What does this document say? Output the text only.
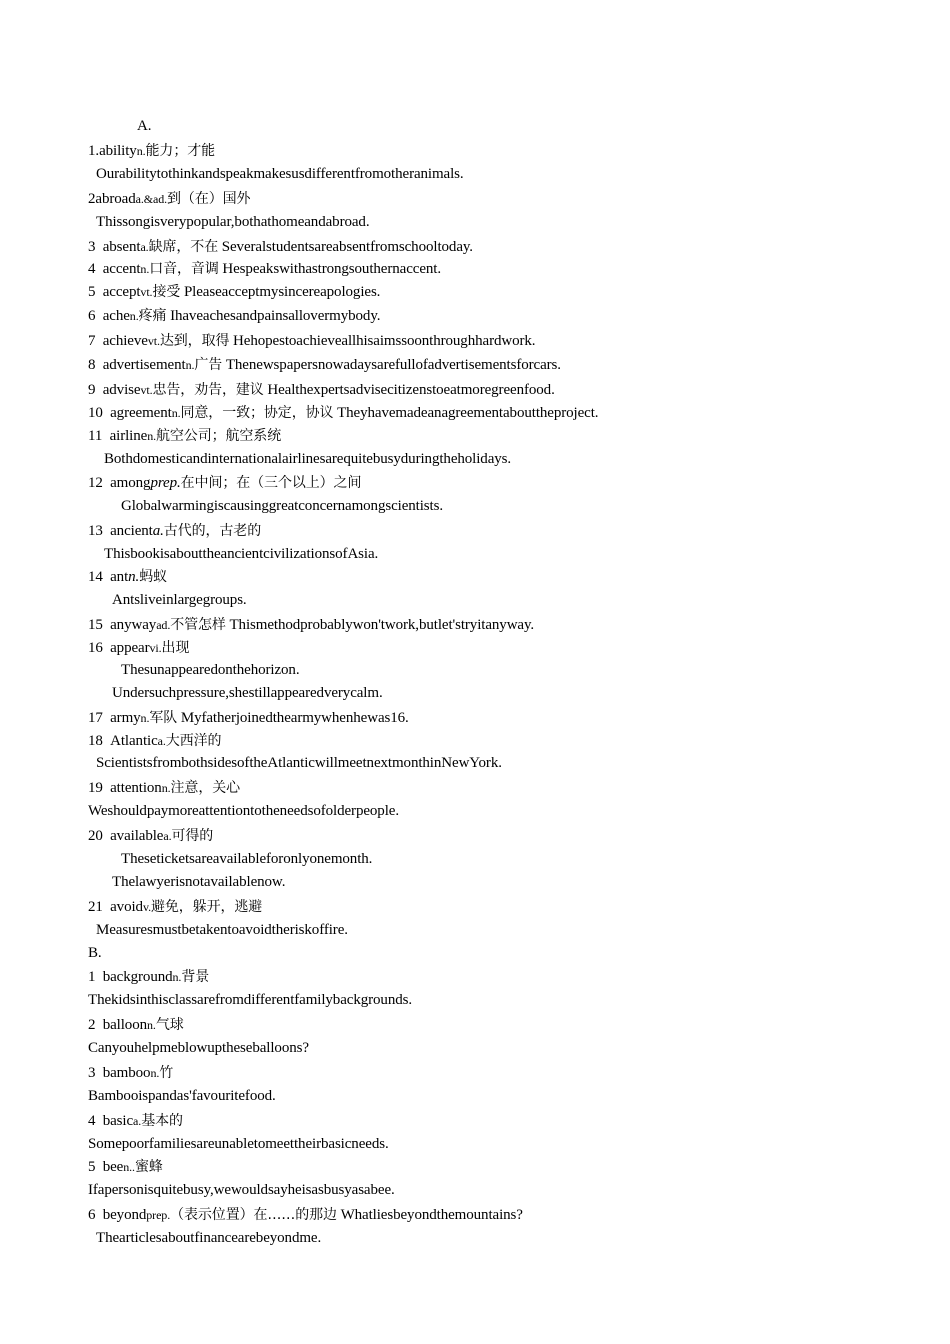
A.
1.abilityn.能力；才能
Ourabilitytothinkandspeakmakesusdifferentfromotheranimals.
2abroada.&ad.到（在）国外
Thissongisverypopular,bothathomeandabroad.
3 absenta.缺席，不在 Severalstudentsareabsentfromschooltoday.
4 accentn.口音，音调 Hespeakswithastrongsouthernaccent.
5 acceptvt.接受 Pleaseacceptmysincereapologies.
6 achen.疼痛 Ihaveachesandpainsallovermybody.
7 achievevt.达到，取得 Hehopestoachieveallhisaimssoonthroughhardwork.
8 advertisementn.广告 Thenewspapersnowadaysarefullofadvertisementsforcars.
9 advisevt.忠告，劝告，建议 Healthexpertsadvisecitizenstoeatmoregreenfood.
10 agreementn.同意，一致；协定，协议 Theyhavemadeanagreementabouttheproject.
11 airlinen.航空公司；航空系统
Bothdomesticandinternationalairlinesarequitebusyduringtheholidays.
12 amongprep.在中间；在（三个以上）之间
Globalwarmingiscausinggreatconcernamongscientists.
13 ancienta.古代的，古老的
ThisbookisabouttheancientcivilizationsofAsia.
14 antn.蚂蚁
Antsliveinlargegroups.
15 anywayad.不管怎样 Thismethodprobablywon'twork,butlet'stryitanyway.
16 appearvi.出现
Thesunappearedonthehorizon.
Undersuchpressure,shestillappearedverycalm.
17 armyn.军队 Myfatherjoinedthearmywhenhewas16.
18 Atlantica.大西洋的
ScientistsfrombothsidesoftheAtlanticwillmeetnextmonthinNewYork.
19 attentionn.注意，关心
Weshouldpaymoreattentiontotheneedsofolderpeople.
20 availablea.可得的
Theseticketsareavailableforonlyonemonth.
Thelawyerisnotavailablenow.
21 avoidv.避免，躲开，逃避
Measuresmustbetakentoavoidtheriskoffire.
B.
1 backgroundn.背景
Thekidsinthisclassarefromdifferentfamilybackgrounds.
2 balloonn.气球
Canyouhelpmeblowuptheseballoons?
3 bamboon.竹
Bambooispandas'favouritefood.
4 basica.基本的
Somepoorfamiliesareunabletomeettheirbasicneeds.
5 been..蜜蜂
Ifapersonisquitebusy,wewouldsayheisasbusyasabee.
6 beyondprep.（表示位置）在……的那边 Whatliesbeyondthemountains?
Thearticlesaboutfinancearebeyondme.
